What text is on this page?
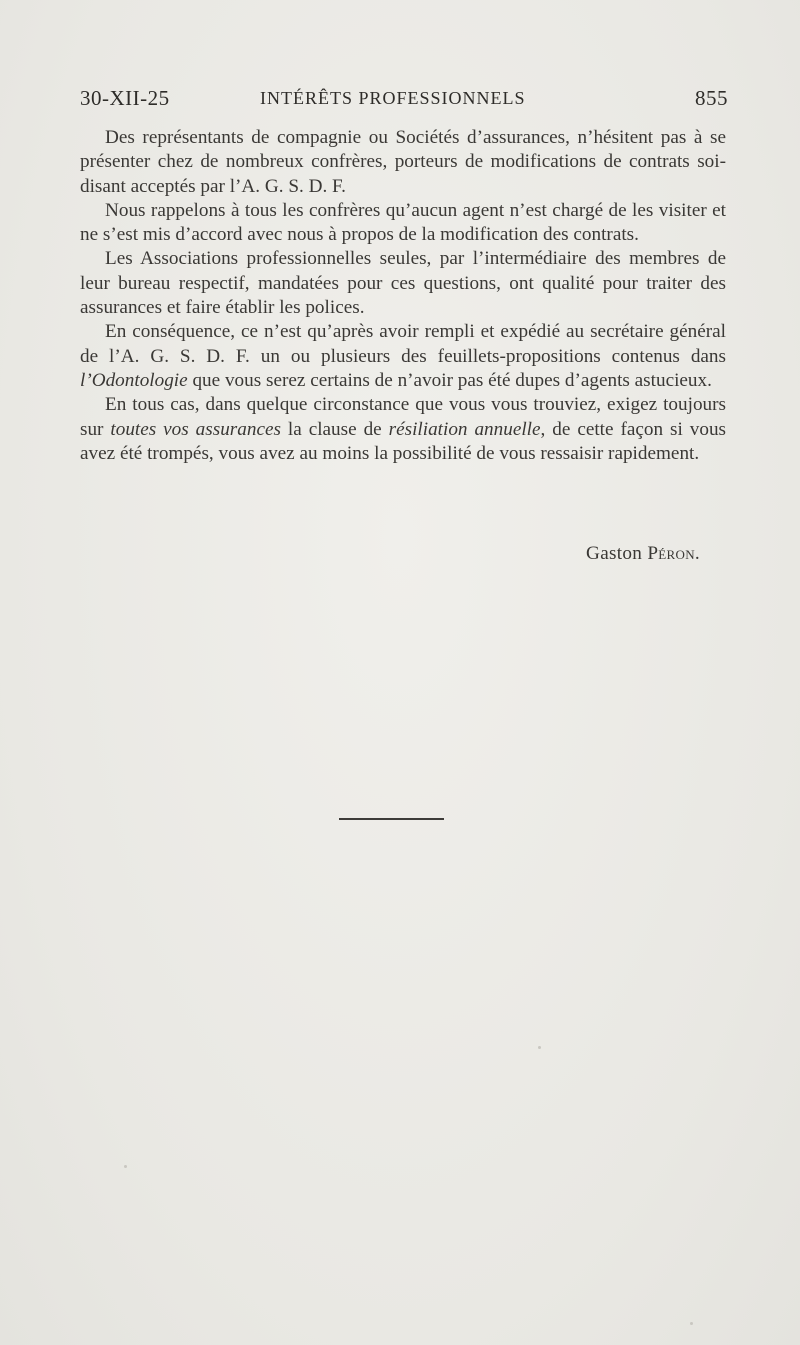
30-XII-25	INTÉRÊTS PROFESSIONNELS	855

Des représentants de compagnie ou Sociétés d’assurances, n’hésitent pas à se présenter chez de nombreux confrères, porteurs de modifications de contrats soi-disant acceptés par l’A. G. S. D. F.

Nous rappelons à tous les confrères qu’aucun agent n’est chargé de les visiter et ne s’est mis d’accord avec nous à propos de la modification des contrats.

Les Associations professionnelles seules, par l’intermédiaire des membres de leur bureau respectif, mandatées pour ces questions, ont qualité pour traiter des assurances et faire établir les polices.

En conséquence, ce n’est qu’après avoir rempli et expédié au secrétaire général de l’A. G. S. D. F. un ou plusieurs des feuillets-propositions contenus dans l’Odontologie que vous serez certains de n’avoir pas été dupes d’agents astucieux.

En tous cas, dans quelque circonstance que vous vous trouviez, exigez toujours sur toutes vos assurances la clause de résiliation annuelle, de cette façon si vous avez été trompés, vous avez au moins la possibilité de vous ressaisir rapidement.

Gaston Péron.
